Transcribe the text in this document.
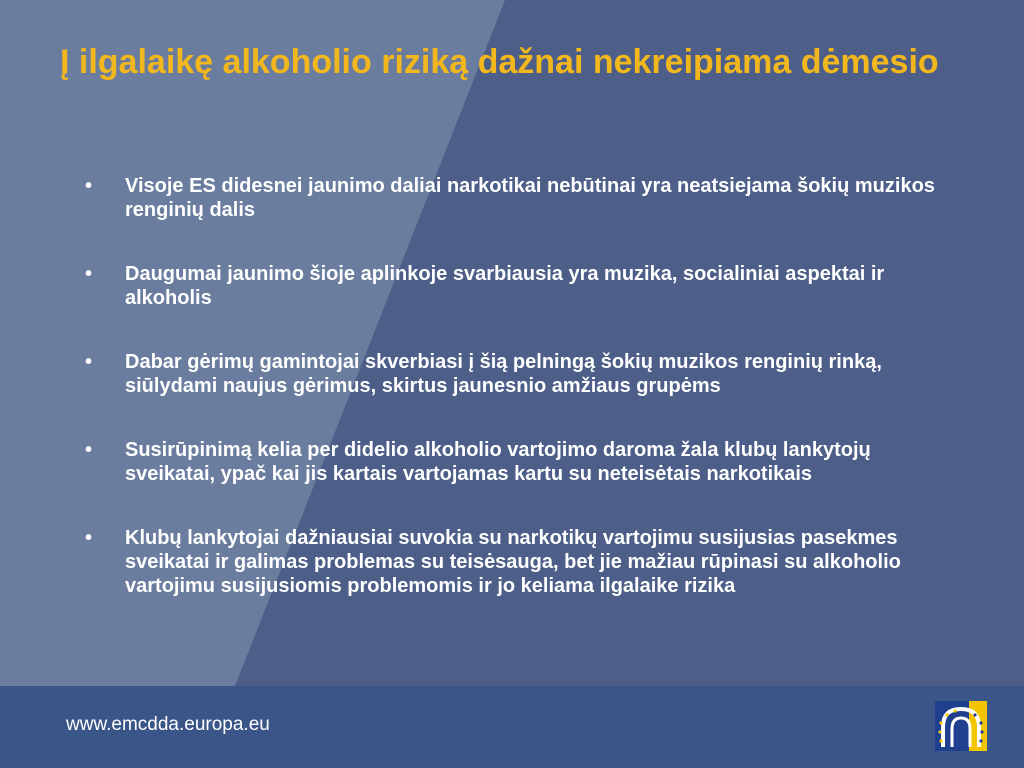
Į ilgalaikę alkoholio riziką dažnai nekreipiama dėmesio
• Visoje ES didesnei jaunimo daliai narkotikai nebūtinai yra neatsiejama šokių muzikos renginių dalis
• Daugumai jaunimo šioje aplinkoje svarbiausia yra muzika, socialiniai aspektai ir alkoholis
• Dabar gėrimų gamintojai skverbiasi į šią pelningą šokių muzikos renginių rinką, siūlydami naujus gėrimus, skirtus jaunesnio amžiaus grupėms
• Susirūpinimą kelia per didelio alkoholio vartojimo daroma žala klubų lankytojų sveikatai, ypač kai jis kartais vartojamas kartu su neteisėtais narkotikais
• Klubų lankytojai dažniausiai suvokia su narkotikų vartojimu susijusias pasekmes sveikatai ir galimas problemas su teisėsauga, bet jie mažiau rūpinasi su alkoholio vartojimu susijusiomis problemomis ir jo keliama ilgalaike rizika
www.emcdda.europa.eu
